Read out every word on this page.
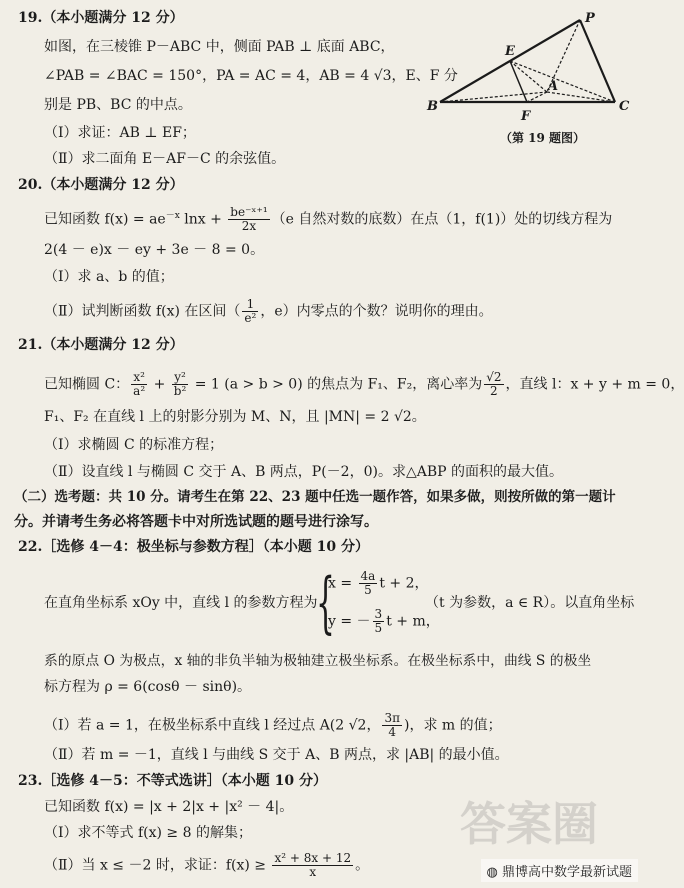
19.（本小题满分 12 分）
如图，在三棱锥 P－ABC 中，侧面 PAB ⊥ 底面 ABC，
∠PAB = ∠BAC = 150°，PA = AC = 4，AB = 4 √3，E、F 分
别是 PB、BC 的中点。
（Ⅰ）求证：AB ⊥ EF；
（Ⅱ）求二面角 E－AF－C 的余弦值。
P
E
A
B	C
F
（第 19 题图）
20.（本小题满分 12 分）
已知函数 $f(x) = ae^{-x}$ $\ln x + \frac{\text{be⁻ˣ⁺¹}}{2x} (e$ 自然对数的底数）在点（1，f(1)）处的切线方程为
2(4 － e)x － ey + 3e － 8 = 0。
（Ⅰ）求 a、b 的值；
（Ⅱ）试判断函数 f(x) 在区间（ $\frac{1}{\text{e²}}$ ，e）内零点的个数？说明你的理由。
21.（本小题满分 12 分）
已知椭圆 C： $\frac{\text{x²}}{\text{a²}} + \frac{\text{y²}}{\text{b²}} = 1$ (a > b > 0) 的焦点为 F₁、F₂，离心率为 $\frac{√2}{2}$ ，直线 l：x + y + m = 0，
F₁、F₂ 在直线 l 上的射影分别为 M、N，且 |MN| = 2 √2。
（Ⅰ）求椭圆 C 的标准方程；
（Ⅱ）设直线 l 与椭圆 C 交于 A、B 两点，P(－2，0)。求△ABP 的面积的最大值。
（二）选考题：共 10 分。请考生在第 22、23 题中任选一题作答，如果多做，则按所做的第一题计
分。并请考生务必将答题卡中对所选试题的题号进行涂写。
22.［选修 4－4：极坐标与参数方程］（本小题 10 分）
在直角坐标系 xOy 中，直线 l 的参数方程为
{
$x = \frac{4a}{5}$ t + 2，
y = － $\frac{3}{5}$ t + m，
（t 为参数，a ∈ R）。以直角坐标
系的原点 O 为极点，x 轴的非负半轴为极轴建立极坐标系。在极坐标系中，曲线 S 的极坐
标方程为 ρ = 6(cosθ － sinθ)。
（Ⅰ）若 a = 1，在极坐标系中直线 l 经过点 A(2 √2， $\frac{3\pi}{4}$ )，求 m 的值；
（Ⅱ）若 m = －1，直线 l 与曲线 S 交于 A、B 两点，求 |AB| 的最小值。
23.［选修 4－5：不等式选讲］（本小题 10 分）
已知函数 f(x) = |x + 2|x + |x² － 4|。
（Ⅰ）求不等式 f(x) ≥ 8 的解集；
（Ⅱ）当 x ≤ －2 时，求证：$f(x) \ge \frac{\text{x² + 8x + 12}}{x}$ 。
答案圈
◍ 鼎博高中数学最新试题
